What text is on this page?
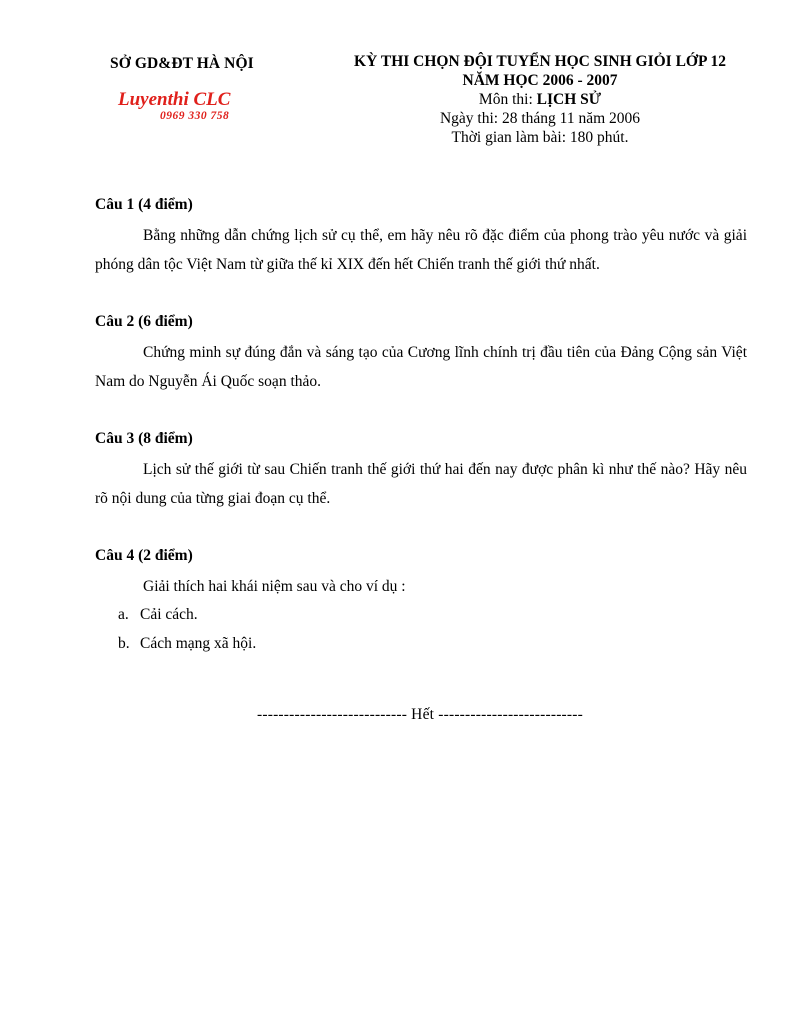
SỞ GD&ĐT HÀ NỘI
Luyenthi CLC
0969 330 758
KỲ THI CHỌN ĐỘI TUYỂN HỌC SINH GIỎI LỚP 12
NĂM HỌC 2006 - 2007
Môn thi: LỊCH SỬ
Ngày thi: 28 tháng 11 năm 2006
Thời gian làm bài: 180 phút.
Câu 1 (4 điểm)
Bằng những dẫn chứng lịch sử cụ thể, em hãy nêu rõ đặc điểm của phong trào yêu nước và giải phóng dân tộc Việt Nam từ giữa thế kỉ XIX đến hết Chiến tranh thế giới thứ nhất.
Câu 2 (6 điểm)
Chứng minh sự đúng đắn và sáng tạo của Cương lĩnh chính trị đầu tiên của Đảng Cộng sản Việt Nam do Nguyễn Ái Quốc soạn thảo.
Câu 3 (8 điểm)
Lịch sử thế giới từ sau Chiến tranh thế giới thứ hai đến nay được phân kì như thế nào? Hãy nêu rõ nội dung của từng giai đoạn cụ thể.
Câu 4 (2 điểm)
Giải thích hai khái niệm sau và cho ví dụ :
a. Cải cách.
b. Cách mạng xã hội.
---------------------------- Hết ---------------------------
